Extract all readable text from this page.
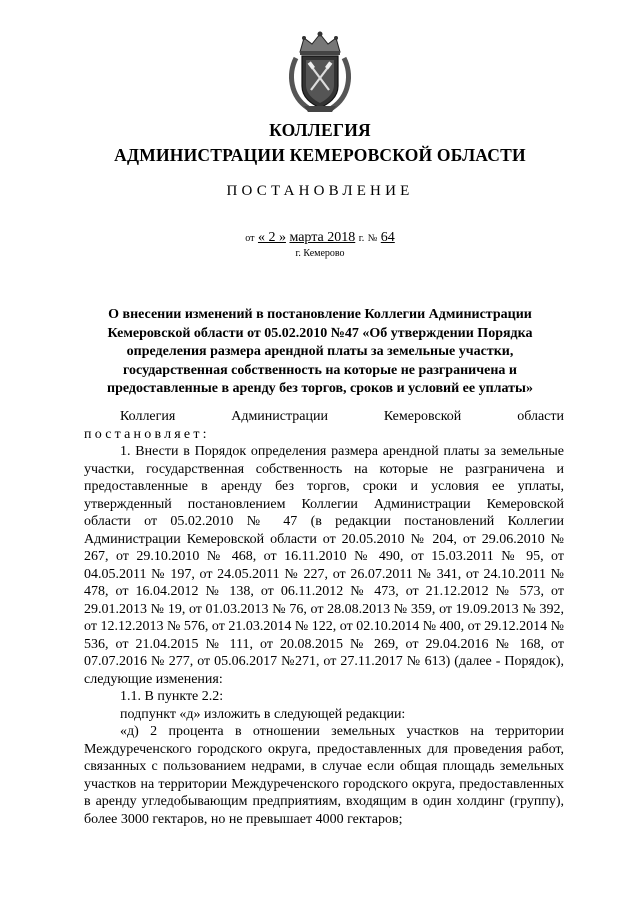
КОЛЛЕГИЯ
АДМИНИСТРАЦИИ КЕМЕРОВСКОЙ ОБЛАСТИ
ПОСТАНОВЛЕНИЕ
от « 2 » марта 2018 г. № 64
г. Кемерово
О внесении изменений в постановление Коллегии Администрации Кемеровской области от 05.02.2010 №47 «Об утверждении Порядка определения размера арендной платы за земельные участки, государственная собственность на которые не разграничена и предоставленные в аренду без торгов, сроков и условий ее уплаты»
Коллегия	Администрации	Кемеровской	области

постановляет:

1. Внести в Порядок определения размера арендной платы за земельные участки, государственная собственность на которые не разграничена и предоставленные в аренду без торгов, сроки и условия ее уплаты, утвержденный постановлением Коллегии Администрации Кемеровской области от 05.02.2010 № 47 (в редакции постановлений Коллегии Администрации Кемеровской области от 20.05.2010 № 204, от 29.06.2010 № 267, от 29.10.2010 № 468, от 16.11.2010 № 490, от 15.03.2011 № 95, от 04.05.2011 № 197, от 24.05.2011 № 227, от 26.07.2011 № 341, от 24.10.2011 № 478, от 16.04.2012 № 138, от 06.11.2012 № 473, от 21.12.2012 № 573, от 29.01.2013 № 19, от 01.03.2013 № 76, от 28.08.2013 № 359, от 19.09.2013 № 392, от 12.12.2013 № 576, от 21.03.2014 № 122, от 02.10.2014 № 400, от 29.12.2014 № 536, от 21.04.2015 № 111, от 20.08.2015 № 269, от 29.04.2016 № 168, от 07.07.2016 № 277, от 05.06.2017 №271, от 27.11.2017 № 613) (далее - Порядок), следующие изменения:

1.1. В пункте 2.2:

подпункт «д» изложить в следующей редакции:

«д) 2 процента в отношении земельных участков на территории Междуреченского городского округа, предоставленных для проведения работ, связанных с пользованием недрами, в случае если общая площадь земельных участков на территории Междуреченского городского округа, предоставленных в аренду угледобывающим предприятиям, входящим в один холдинг (группу), более 3000 гектаров, но не превышает 4000 гектаров;
